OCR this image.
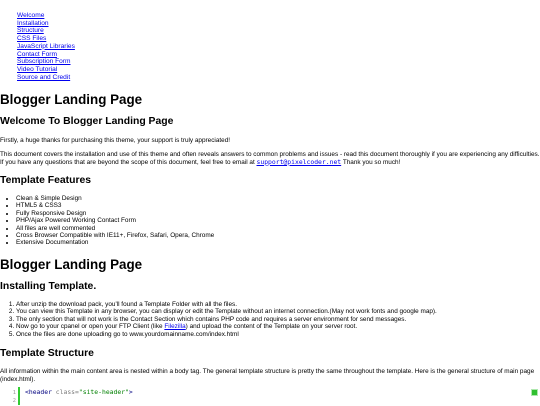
Welcome
Installation
Structure
CSS Files
JavaScript Libraries
Contact Form
Subscription Form
Video Tutorial
Source and Credit
Blogger Landing Page
Welcome To Blogger Landing Page

Firstly, a huge thanks for purchasing this theme, your support is truly appreciated!

This document covers the installation and use of this theme and often reveals answers to common problems and issues - read this document thoroughly if you are experiencing any difficulties. If you have any questions that are beyond the scope of this document, feel free to email at support@pixelcoder.net Thank you so much!

Template Features
• Clean & Simple Design
• HTML5 & CSS3
• Fully Responsive Design
• PHP/Ajax Powered Working Contact Form
• All files are well commented
• Cross Browser Compatible with IE11+, Firefox, Safari, Opera, Chrome
• Extensive Documentation
Blogger Landing Page
Installing Template.
1. After unzip the download pack, you'll found a Template Folder with all the files.
2. You can view this Template in any browser, you can display or edit the Template without an internet connection.(May not work fonts and google map).
3. The only section that will not work is the Contact Section which contains PHP code and requires a server environment for send messages.
4. Now go to your cpanel or open your FTP Client (like Filezilla) and upload the content of the Template on your server root.
5. Once the files are done uploading go to www.yourdomainname.com/index.html
Template Structure

All information within the main content area is nested within a body tag. The general template structure is pretty the same throughout the template. Here is the general structure of main page (index.html).

1
2
<header class="site-header">
